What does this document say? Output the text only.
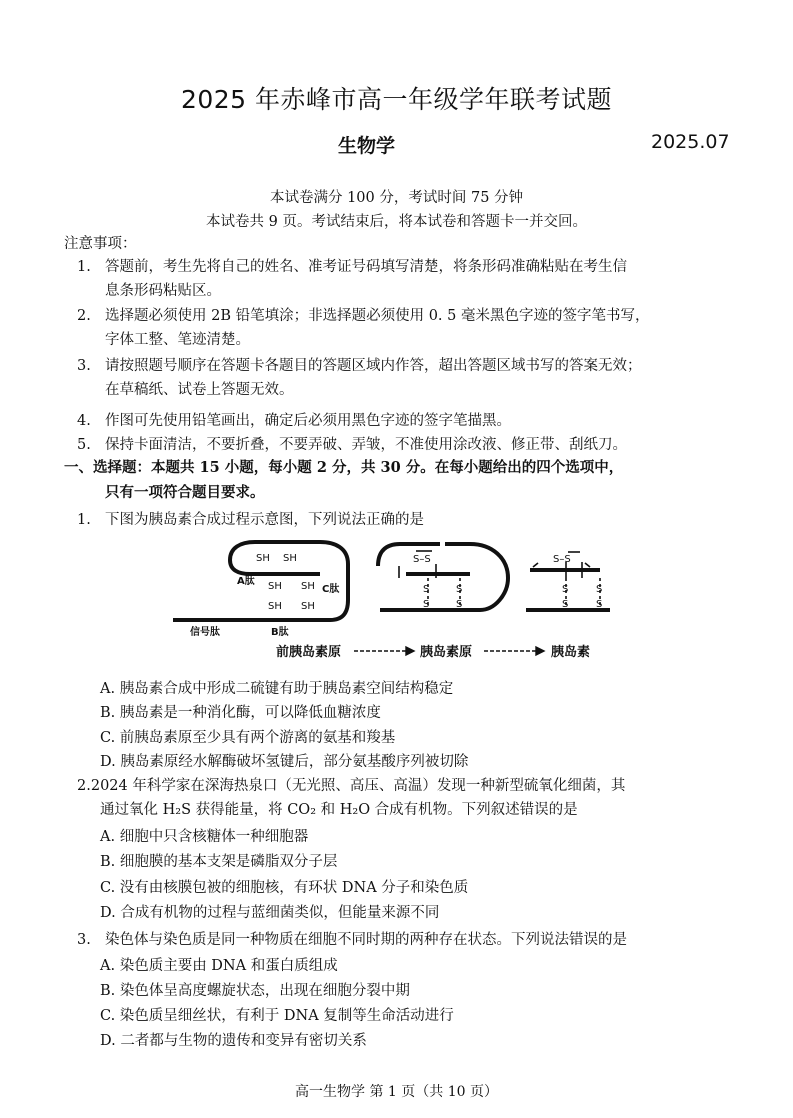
2025 年赤峰市高一年级学年联考试题
生物学	2025.07
本试卷满分 100 分，考试时间 75 分钟
本试卷共 9 页。考试结束后，将本试卷和答题卡一并交回。
注意事项：
1. 答题前，考生先将自己的姓名、准考证号码填写清楚，将条形码准确粘贴在考生信
息条形码粘贴区。
2. 选择题必须使用 2B 铅笔填涂；非选择题必须使用 0. 5 毫米黑色字迹的签字笔书写，
字体工整、笔迹清楚。
3. 请按照题号顺序在答题卡各题目的答题区域内作答，超出答题区域书写的答案无效；
在草稿纸、试卷上答题无效。
4. 作图可先使用铅笔画出，确定后必须用黑色字迹的签字笔描黑。
5. 保持卡面清洁，不要折叠，不要弄破、弄皱，不准使用涂改液、修正带、刮纸刀。
一、选择题：本题共 15 小题，每小题 2 分，共 30 分。在每小题给出的四个选项中，
只有一项符合题目要求。
1. 下图为胰岛素合成过程示意图，下列说法正确的是
SH SH
SH SH
SH SH
A肽
C肽
B肽
信号肽
S–S	S–S
S	S
S	S
S	S
S	S
前胰岛素原	胰岛素原	胰岛素
A. 胰岛素合成中形成二硫键有助于胰岛素空间结构稳定
B. 胰岛素是一种消化酶，可以降低血糖浓度
C. 前胰岛素原至少具有两个游离的氨基和羧基
D. 胰岛素原经水解酶破坏氢键后，部分氨基酸序列被切除
2.2024 年科学家在深海热泉口（无光照、高压、高温）发现一种新型硫氧化细菌，其
通过氧化 H₂S 获得能量，将 CO₂ 和 H₂O 合成有机物。下列叙述错误的是
A. 细胞中只含核糖体一种细胞器
B. 细胞膜的基本支架是磷脂双分子层
C. 没有由核膜包被的细胞核，有环状 DNA 分子和染色质
D. 合成有机物的过程与蓝细菌类似，但能量来源不同
3. 染色体与染色质是同一种物质在细胞不同时期的两种存在状态。下列说法错误的是
A. 染色质主要由 DNA 和蛋白质组成
B. 染色体呈高度螺旋状态，出现在细胞分裂中期
C. 染色质呈细丝状，有利于 DNA 复制等生命活动进行
D. 二者都与生物的遗传和变异有密切关系
高一生物学 第 1 页（共 10 页）
